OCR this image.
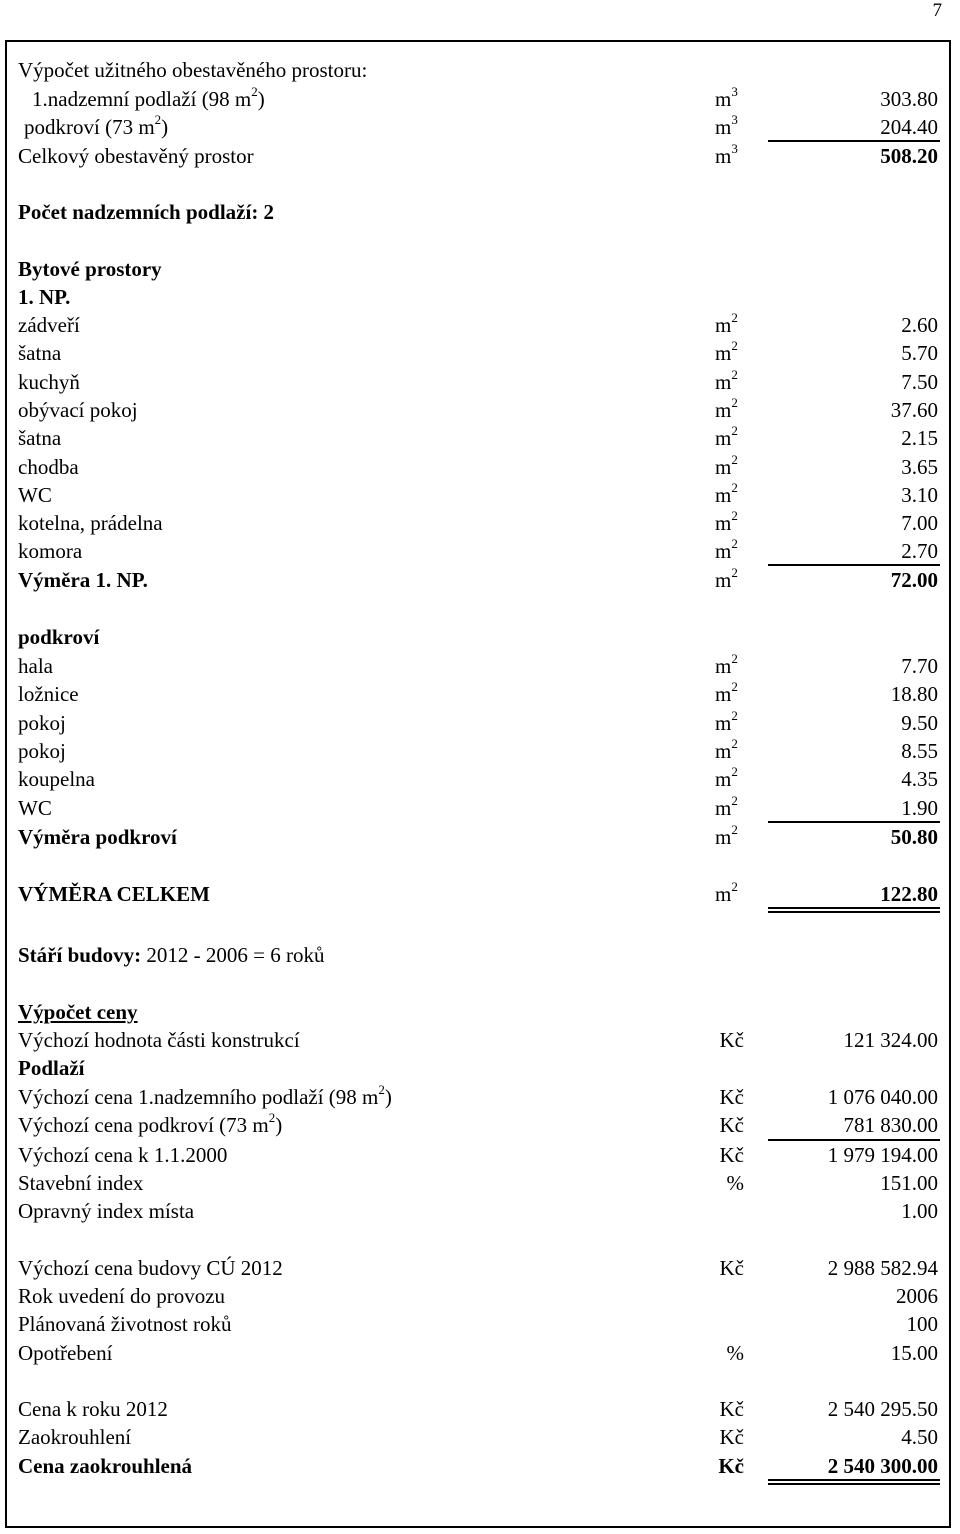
7
Výpočet užitného obestavěného prostoru:
1.nadzemní podlaží (98 $m^2$)	$m^3$	303.80
podkroví (73 $m^2$)	$m^3$	204.40
Celkový obestavěný prostor	$m^3$	508.20
Počet nadzemních podlaží: 2
Bytové prostory
1. NP.
zádveří	$m^2$	2.60
šatna	$m^2$	5.70
kuchyň	$m^2$	7.50
obývací pokoj	$m^2$	37.60
šatna	$m^2$	2.15
chodba	$m^2$	3.65
WC	$m^2$	3.10
kotelna, prádelna	$m^2$	7.00
komora	$m^2$	2.70
Výměra 1. NP.	$m^2$	72.00
podkroví
hala	$m^2$	7.70
ložnice	$m^2$	18.80
pokoj	$m^2$	9.50
pokoj	$m^2$	8.55
koupelna	$m^2$	4.35
WC	$m^2$	1.90
Výměra podkroví	$m^2$	50.80
VÝMĚRA CELKEM	$m^2$	122.80
Stáří budovy: 2012 - 2006 = 6 roků
Výpočet ceny
Výchozí hodnota části konstrukcí	Kč	121 324.00
Podlaží
Výchozí cena 1.nadzemního podlaží (98 $m^2$)	Kč	1 076 040.00
Výchozí cena podkroví (73 $m^2$)	Kč	781 830.00
Výchozí cena k 1.1.2000	Kč	1 979 194.00
Stavební index	%	151.00
Opravný index místa	1.00
Výchozí cena budovy CÚ 2012	Kč	2 988 582.94
Rok uvedení do provozu	2006
Plánovaná životnost roků	100
Opotřebení	%	15.00
Cena k roku 2012	Kč	2 540 295.50
Zaokrouhlení	Kč	4.50
Cena zaokrouhlená	Kč	2 540 300.00
